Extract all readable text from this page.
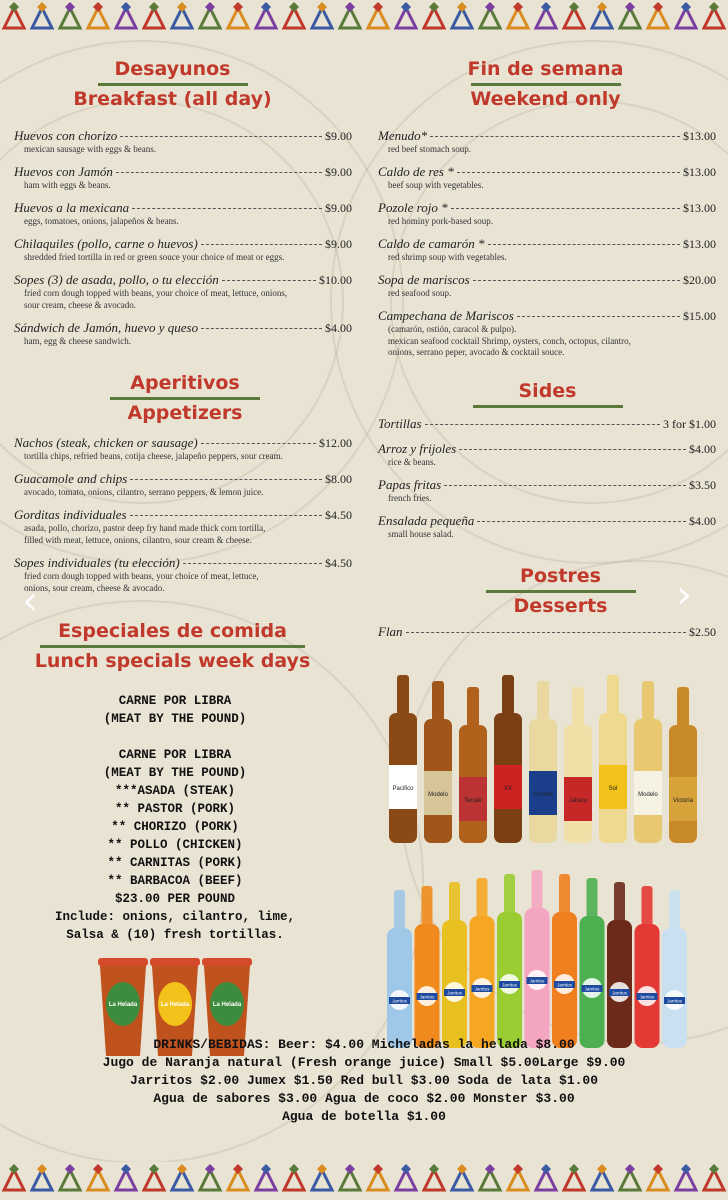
Desayunos
Breakfast (all day)
Fin de semana
Weekend only
Huevos con chorizo	$9.00
mexican sausage with eggs & beans.
Huevos con Jamón	$9.00
ham with eggs & beans.
Huevos a la mexicana	$9.00
eggs, tomatoes, onions, jalapeños & beans.
Chilaquiles (pollo, carne o huevos)	$9.00
shredded fried tortilla in red or green souce your choice of meat or eggs.
Sopes (3) de asada, pollo, o tu elección	$10.00
fried corn dough topped with beans, your choice of meat, lettuce, onions,
sour cream, cheese & avocado.
Sándwich de Jamón, huevo y queso	$4.00
ham, egg & cheese sandwich.
Menudo*	$13.00
red beef stomach soup.
Caldo de res *	$13.00
beef soup with vegetables.
Pozole rojo *	$13.00
red hominy pork-based soup.
Caldo de camarón *	$13.00
red shrimp soup with vegetables.
Sopa de mariscos	$20.00
red seafood soup.
Campechana de Mariscos	$15.00
(camarón, ostión, caracol & pulpo).
mexican seafood cocktail Shrimp, oysters, conch, octopus, cilantro,
onions, serrano peper, avocado & cocktail souce.
Aperitivos
Appetizers
Sides
Nachos (steak, chicken or sausage)	$12.00
tortilla chips, refried beans, cotija cheese, jalapeño peppers, sour cream.
Guacamole and chips	$8.00
avocado, tomato, onions, cilantro, serrano peppers, & lemon juice.
Gorditas individuales	$4.50
asada, pollo, chorizo, pastor deep fry hand made thick corn tortilla,
filled with meat, lettuce, onions, cilantro, sour cream & cheese.
Sopes individuales (tu elección)	$4.50
fried corn dough topped with beans, your choice of meat, lettuce,
onions, sour cream, cheese & avocado.
Tortillas	3 for $1.00
Arroz y frijoles	$4.00
rice & beans.
Papas fritas	$3.50
french fries.
Ensalada pequeña	$4.00
small house salad.
Postres
Desserts
Flan	$2.50
‹	›
Especiales de comida
Lunch specials week days
CARNE POR LIBRA
(MEAT BY THE POUND)

CARNE POR LIBRA
(MEAT BY THE POUND)
***ASADA (STEAK)
** PASTOR (PORK)
** CHORIZO (PORK)
** POLLO (CHICKEN)
** CARNITAS (PORK)
** BARBACOA (BEEF)
$23.00 PER POUND
Include: onions, cilantro, lime,
Salsa & (10) fresh tortillas.
Pacifico
Modelo
Tecate
XX
Corona
Jalisco
Sol
Modelo
Victoria
Jarritos
Jarritos
Jarritos
Jarritos
Jarritos
Jarritos
Jarritos
Jarritos
Jarritos
Jarritos
Jarritos
La Helada	La Helada	La Helada
DRINKS/BEBIDAS: Beer: $4.00 Micheladas la helada $8.00
Jugo de Naranja natural (Fresh orange juice) Small $5.00Large $9.00
Jarritos $2.00 Jumex $1.50 Red bull $3.00 Soda de lata $1.00
Agua de sabores $3.00 Agua de coco $2.00 Monster $3.00
Agua de botella $1.00
